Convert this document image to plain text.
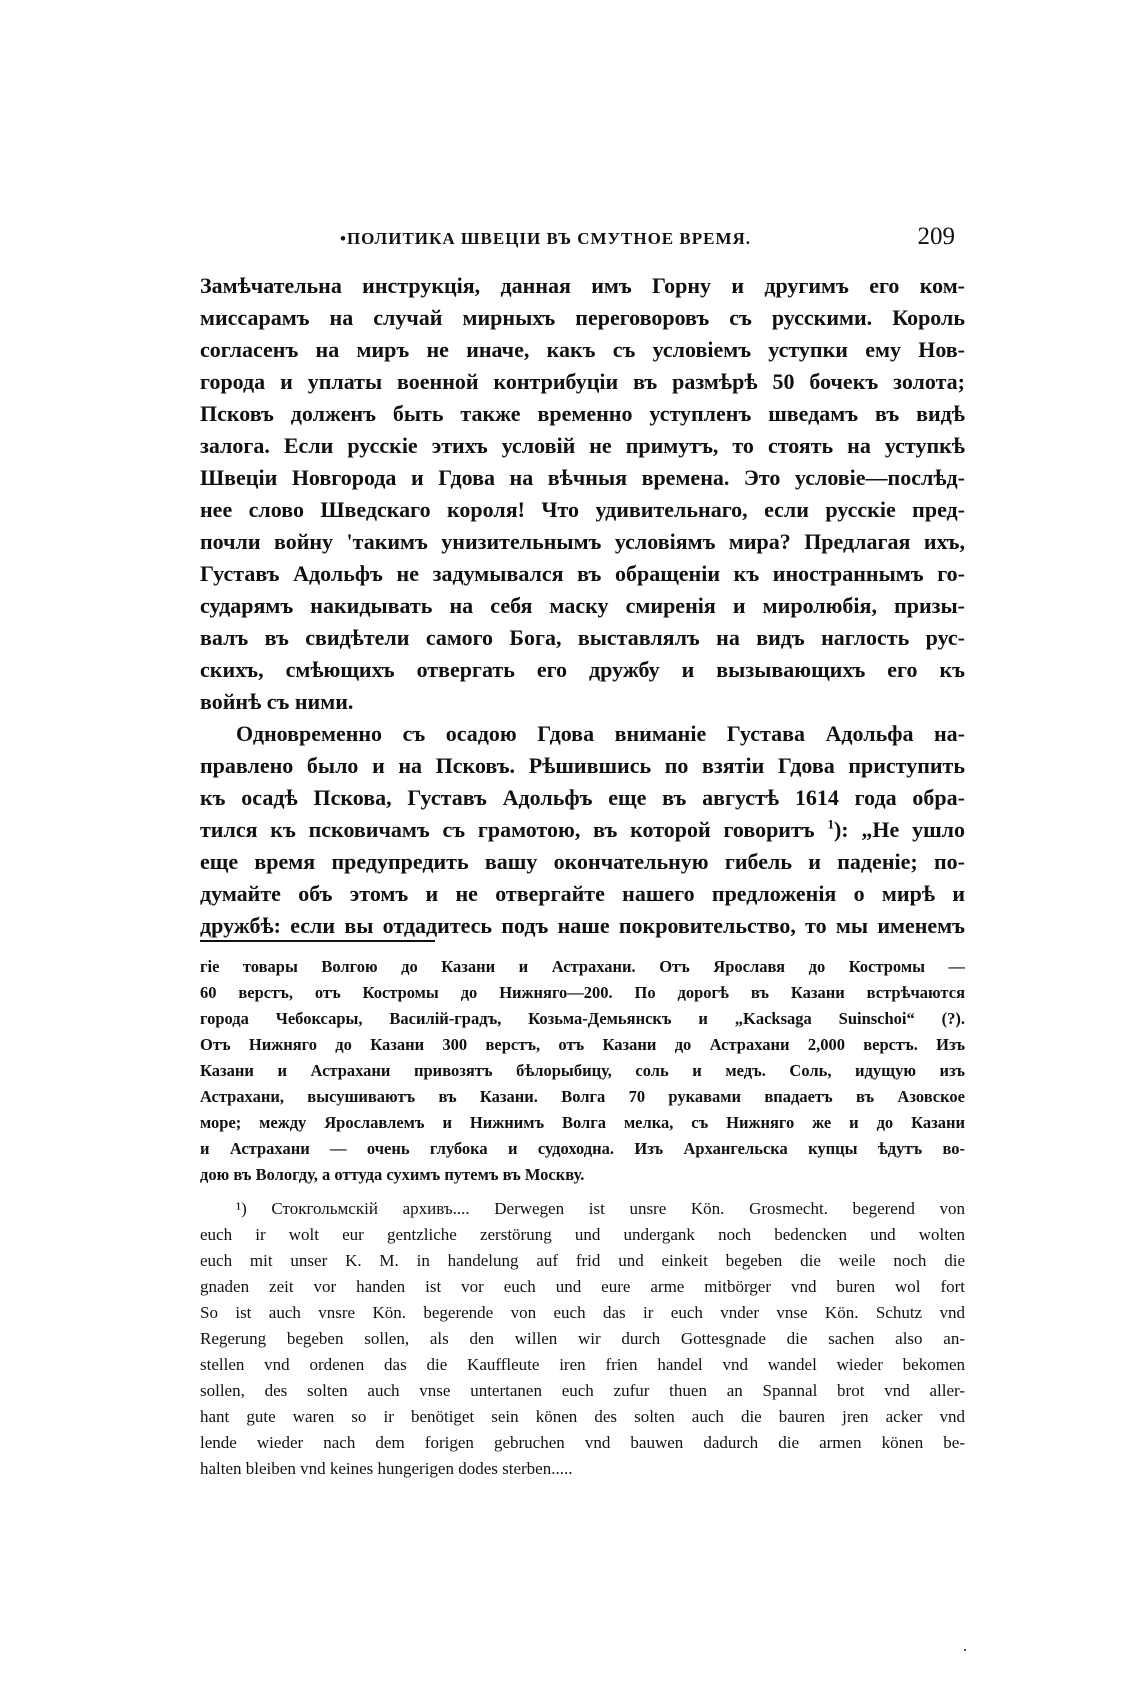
•ПОЛИТИКА ШВЕЦІИ ВЪ СМУТНОЕ ВРЕМЯ.	209
Замѣчательна инструкція, данная имъ Горну и другимъ его ком-
миссарамъ на случай мирныхъ переговоровъ съ русскими. Король
согласенъ на миръ не иначе, какъ съ условіемъ уступки ему Нов-
города и уплаты военной контрибуціи въ размѣрѣ 50 бочекъ золота;
Псковъ долженъ быть также временно уступленъ шведамъ въ видѣ
залога. Если русскіе этихъ условій не примутъ, то стоять на уступкѣ
Швеціи Новгорода и Гдова на вѣчныя времена. Это условіе—послѣд-
нее слово Шведскаго короля! Что удивительнаго, если русскіе пред-
почли войну 'такимъ унизительнымъ условіямъ мира? Предлагая ихъ,
Густавъ Адольфъ не задумывался въ обращеніи къ иностраннымъ го-
сударямъ накидывать на себя маску смиренія и миролюбія, призы-
валъ въ свидѣтели самого Бога, выставлялъ на видъ наглость рус-
скихъ, смѣющихъ отвергать его дружбу и вызывающихъ его къ
войнѣ съ ними.
Одновременно съ осадою Гдова вниманіе Густава Адольфа на-
правлено было и на Псковъ. Рѣшившись по взятіи Гдова приступить
къ осадѣ Пскова, Густавъ Адольфъ еще въ августѣ 1614 года обра-
тился къ псковичамъ съ грамотою, въ которой говоритъ $^1$): „Не ушло
еще время предупредить вашу окончательную гибель и паденіе; по-
думайте объ этомъ и не отвергайте нашего предложенія о мирѣ и
дружбѣ: если вы отдадитесь подъ наше покровительство, то мы именемъ
гіе товары Волгою до Казани и Астрахани. Отъ Ярославя до Костромы —
60 верстъ, отъ Костромы до Нижняго—200. По дорогѣ въ Казани встрѣчаются
города Чебоксары, Василій-градъ, Козьма-Демьянскъ и „Kacksaga Suinschoi“ (?).
Отъ Нижняго до Казани 300 верстъ, отъ Казани до Астрахани 2,000 верстъ. Изъ
Казани и Астрахани привозятъ бѣлорыбицу, соль и медъ. Соль, идущую изъ
Астрахани, высушиваютъ въ Казани. Волга 70 рукавами впадаетъ въ Азовское
море; между Ярославлемъ и Нижнимъ Волга мелка, съ Нижняго же и до Казани
и Астрахани — очень глубока и судоходна. Изъ Архангельска купцы ѣдутъ во-
дою въ Вологду, а оттуда сухимъ путемъ въ Москву.
¹) Стокгольмскій архивъ.... Derwegen ist unsre Kön. Grosmecht. begerend von
euch ir wolt eur gentzliche zerstörung und undergank noch bedencken und wolten
euch mit unser K. M. in handelung auf frid und einkeit begeben die weile noch die
gnaden zeit vor handen ist vor euch und eure arme mitbörger vnd buren wol fort
So ist auch vnsre Kön. begerende von euch das ir euch vnder vnse Kön. Schutz vnd
Regerung begeben sollen, als den willen wir durch Gottesgnade die sachen also an-
stellen vnd ordenen das die Kauffleute iren frien handel vnd wandel wieder bekomen
sollen, des solten auch vnse untertanen euch zufur thuen an Spannal brot vnd aller-
hant gute waren so ir benötiget sein könen des solten auch die bauren jren acker vnd
lende wieder nach dem forigen gebruchen vnd bauwen dadurch die armen könen be-
halten bleiben vnd keines hungerigen dodes sterben.....
·
